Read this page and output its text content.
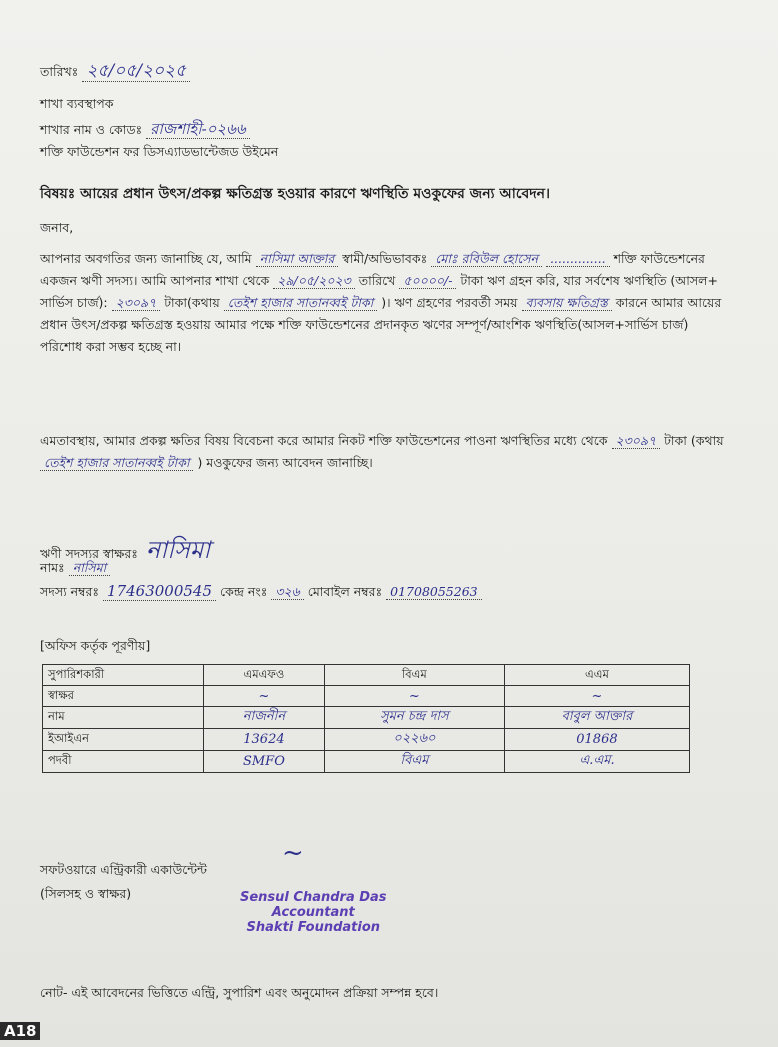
তারিখঃ ২৫/০৫/২০২৫
শাখা ব্যবস্থাপক
শাখার নাম ও কোডঃ রাজশাহী-০২৬৬
শক্তি ফাউন্ডেশন ফর ডিসএ্যাডভান্টেজড উইমেন
বিষয়ঃ আয়ের প্রধান উৎস/প্রকল্প ক্ষতিগ্রস্ত হওয়ার কারণে ঋণস্থিতি মওকুফের জন্য আবেদন।
জনাব,
আপনার অবগতির জন্য জানাচ্ছি যে, আমি নাসিমা আক্তার স্বামী/অভিভাবকঃ মোঃ রবিউল হোসেন .............. শক্তি ফাউন্ডেশনের একজন ঋণী সদস্য। আমি আপনার শাখা থেকে ২৯/০৫/২০২৩ তারিখে ৫০০০০/- টাকা ঋণ গ্রহন করি, যার সর্বশেষ ঋণস্থিতি (আসল+ সার্ভিস চার্জ): ২৩০৯৭ টাকা(কথায় তেইশ হাজার সাতানব্বই টাকা )। ঋণ গ্রহণের পরবর্তী সময় ব্যবসায় ক্ষতিগ্রস্ত কারনে আমার আয়ের প্রধান উৎস/প্রকল্প ক্ষতিগ্রস্ত হওয়ায় আমার পক্ষে শক্তি ফাউন্ডেশনের প্রদানকৃত ঋণের সম্পূর্ণ/আংশিক ঋণস্থিতি(আসল+সার্ভিস চার্জ) পরিশোধ করা সম্ভব হচ্ছে না।
এমতাবস্থায়, আমার প্রকল্প ক্ষতির বিষয় বিবেচনা করে আমার নিকট শক্তি ফাউন্ডেশনের পাওনা ঋণস্থিতির মধ্যে থেকে ২৩০৯৭ টাকা (কথায় তেইশ হাজার সাতানব্বই টাকা ) মওকুফের জন্য আবেদন জানাচ্ছি।
ঋণী সদস্যর স্বাক্ষরঃ নাসিমা
নামঃ নাসিমা
সদস্য নম্বরঃ 17463000545 কেন্দ্র নংঃ ৩২৬ মোবাইল নম্বরঃ 01708055263
[অফিস কর্তৃক পূরণীয়]
সুপারিশকারী	এমএফও	বিএম	এএম
স্বাক্ষর	~	~	~
নাম	নাজনীন	সুমন চন্দ্র দাস	বাবুল আক্তার
ইআইএন	13624	০২২৬০	01868
পদবী	SMFO	বিএম	এ.এম.
সফটওয়ারে এন্ট্রিকারী একাউন্টেন্ট
(সিলসহ ও স্বাক্ষর)
~
Sensul Chandra Das
Accountant
Shakti Foundation
নোট- এই আবেদনের ভিত্তিতে এন্ট্রি, সুপারিশ এবং অনুমোদন প্রক্রিয়া সম্পন্ন হবে।
A18
